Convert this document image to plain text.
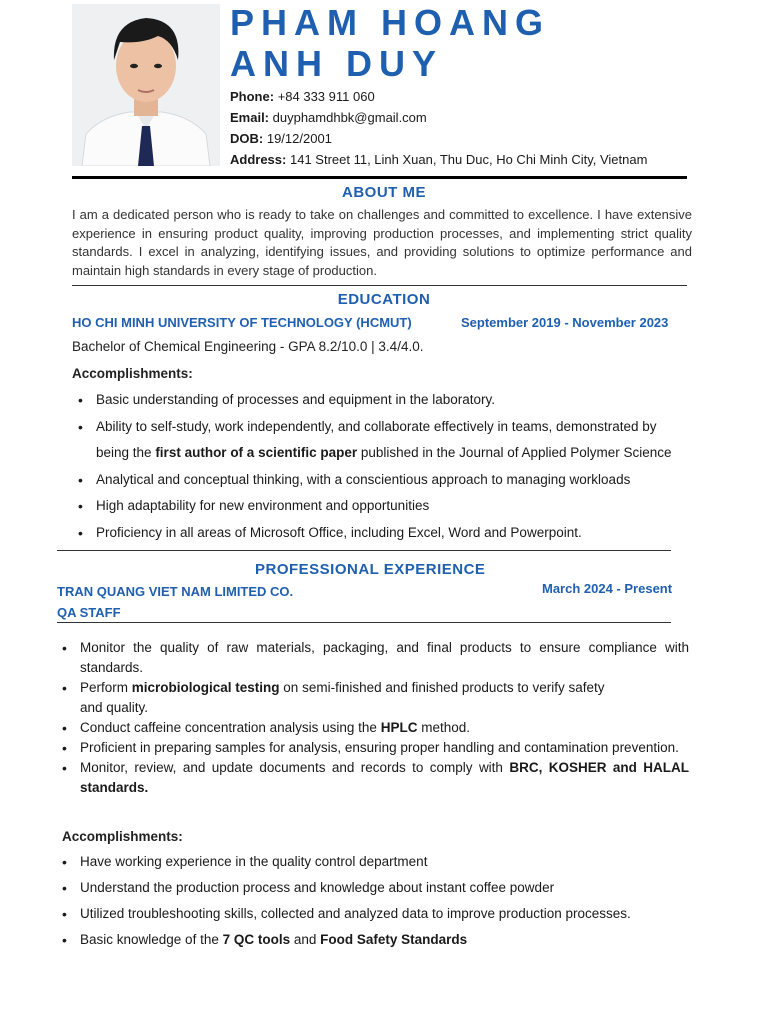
PHAM HOANG
ANH DUY
Phone: +84 333 911 060
Email: duyphamdhbk@gmail.com
DOB: 19/12/2001
Address: 141 Street 11, Linh Xuan, Thu Duc, Ho Chi Minh City, Vietnam
ABOUT ME
I am a dedicated person who is ready to take on challenges and committed to excellence. I have extensive experience in ensuring product quality, improving production processes, and implementing strict quality standards. I excel in analyzing, identifying issues, and providing solutions to optimize performance and maintain high standards in every stage of production.
EDUCATION
HO CHI MINH UNIVERSITY OF TECHNOLOGY (HCMUT)	September 2019 - November 2023
Bachelor of Chemical Engineering - GPA 8.2/10.0 | 3.4/4.0.
Accomplishments:
• Basic understanding of processes and equipment in the laboratory.
• Ability to self-study, work independently, and collaborate effectively in teams, demonstrated by
being the first author of a scientific paper published in the Journal of Applied Polymer Science
• Analytical and conceptual thinking, with a conscientious approach to managing workloads
• High adaptability for new environment and opportunities
• Proficiency in all areas of Microsoft Office, including Excel, Word and Powerpoint.
PROFESSIONAL EXPERIENCE
TRAN QUANG VIET NAM LIMITED CO.	March 2024 - Present
QA STAFF
• Monitor the quality of raw materials, packaging, and final products to ensure compliance with standards.
• Perform microbiological testing on semi-finished and finished products to verify safety
and quality.
• Conduct caffeine concentration analysis using the HPLC method.
• Proficient in preparing samples for analysis, ensuring proper handling and contamination prevention.
• Monitor, review, and update documents and records to comply with BRC, KOSHER and HALAL standards.
Accomplishments:
• Have working experience in the quality control department
• Understand the production process and knowledge about instant coffee powder
• Utilized troubleshooting skills, collected and analyzed data to improve production processes.
• Basic knowledge of the 7 QC tools and Food Safety Standards
